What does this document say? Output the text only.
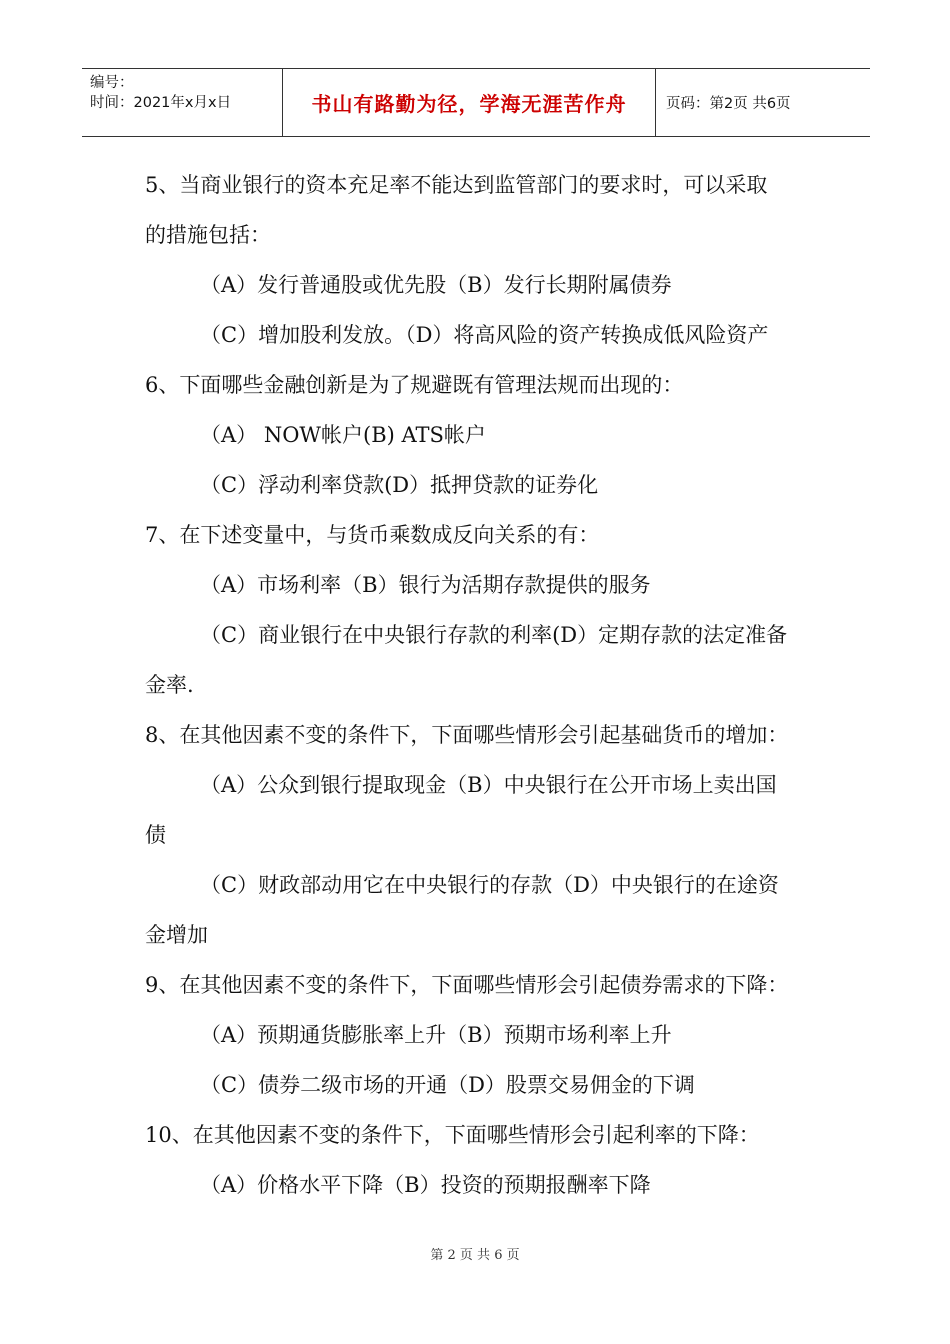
编号：
时间：2021年x月x日	书山有路勤为径，学海无涯苦作舟	页码：第2页 共6页
5、当商业银行的资本充足率不能达到监管部门的要求时，可以采取
的措施包括：
（A）发行普通股或优先股（B）发行长期附属债券
（C）增加股利发放。（D）将高风险的资产转换成低风险资产
6、下面哪些金融创新是为了规避既有管理法规而出现的：
（A） NOW帐户(B) ATS帐户
（C）浮动利率贷款(D）抵押贷款的证券化
7、在下述变量中，与货币乘数成反向关系的有：
（A）市场利率（B）银行为活期存款提供的服务
（C）商业银行在中央银行存款的利率(D）定期存款的法定准备
金率.
8、在其他因素不变的条件下，下面哪些情形会引起基础货币的增加：
（A）公众到银行提取现金（B）中央银行在公开市场上卖出国
债
（C）财政部动用它在中央银行的存款（D）中央银行的在途资
金增加
9、在其他因素不变的条件下，下面哪些情形会引起债券需求的下降：
（A）预期通货膨胀率上升（B）预期市场利率上升
（C）债券二级市场的开通（D）股票交易佣金的下调
10、在其他因素不变的条件下，下面哪些情形会引起利率的下降：
（A）价格水平下降（B）投资的预期报酬率下降
第 2 页 共 6 页
